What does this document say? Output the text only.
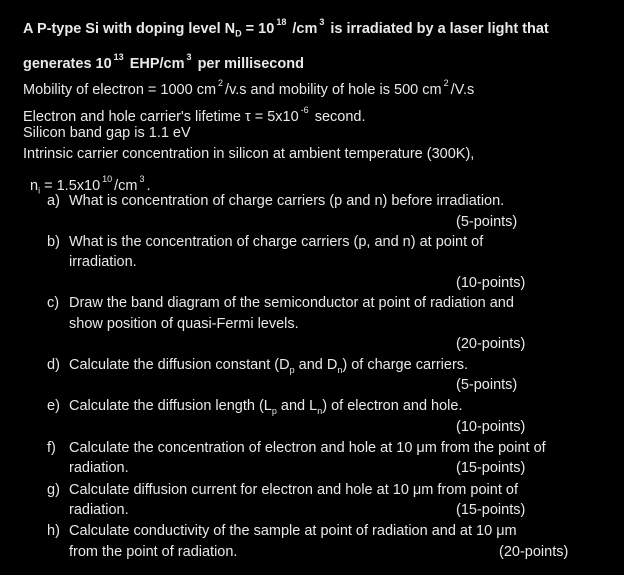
A P-type Si with doping level $N_D = 10$ $^{18}$ /cm $^3$ is irradiated by a laser light that
generates 10 $^{13}$ EHP/cm $^3$ per millisecond
Mobility of electron = 1000 cm $^2$ /v.s and mobility of hole is 500 cm $^2$ /V.s
Electron and hole carrier's lifetime τ = 5x10 $^{-6}$ second.
Silicon band gap is 1.1 eV
Intrinsic carrier concentration in silicon at ambient temperature (300K),
$n_i = 1.5x10$ $^{10}$ /cm $^3$ .
a) What is concentration of charge carriers (p and n) before irradiation.
(5-points)
b) What is the concentration of charge carriers (p, and n) at point of
irradiation.
(10-points)
c) Draw the band diagram of the semiconductor at point of radiation and
show position of quasi-Fermi levels.
(20-points)
d) Calculate the diffusion constant ($D_p$ and $D_n$) of charge carriers.
(5-points)
e) Calculate the diffusion length ($L_p$ and $L_n$) of electron and hole.
(10-points)
f) Calculate the concentration of electron and hole at 10 μm from the point of
radiation.	(15-points)
g) Calculate diffusion current for electron and hole at 10 μm from point of
radiation.	(15-points)
h) Calculate conductivity of the sample at point of radiation and at 10 μm
from the point of radiation.	(20-points)
